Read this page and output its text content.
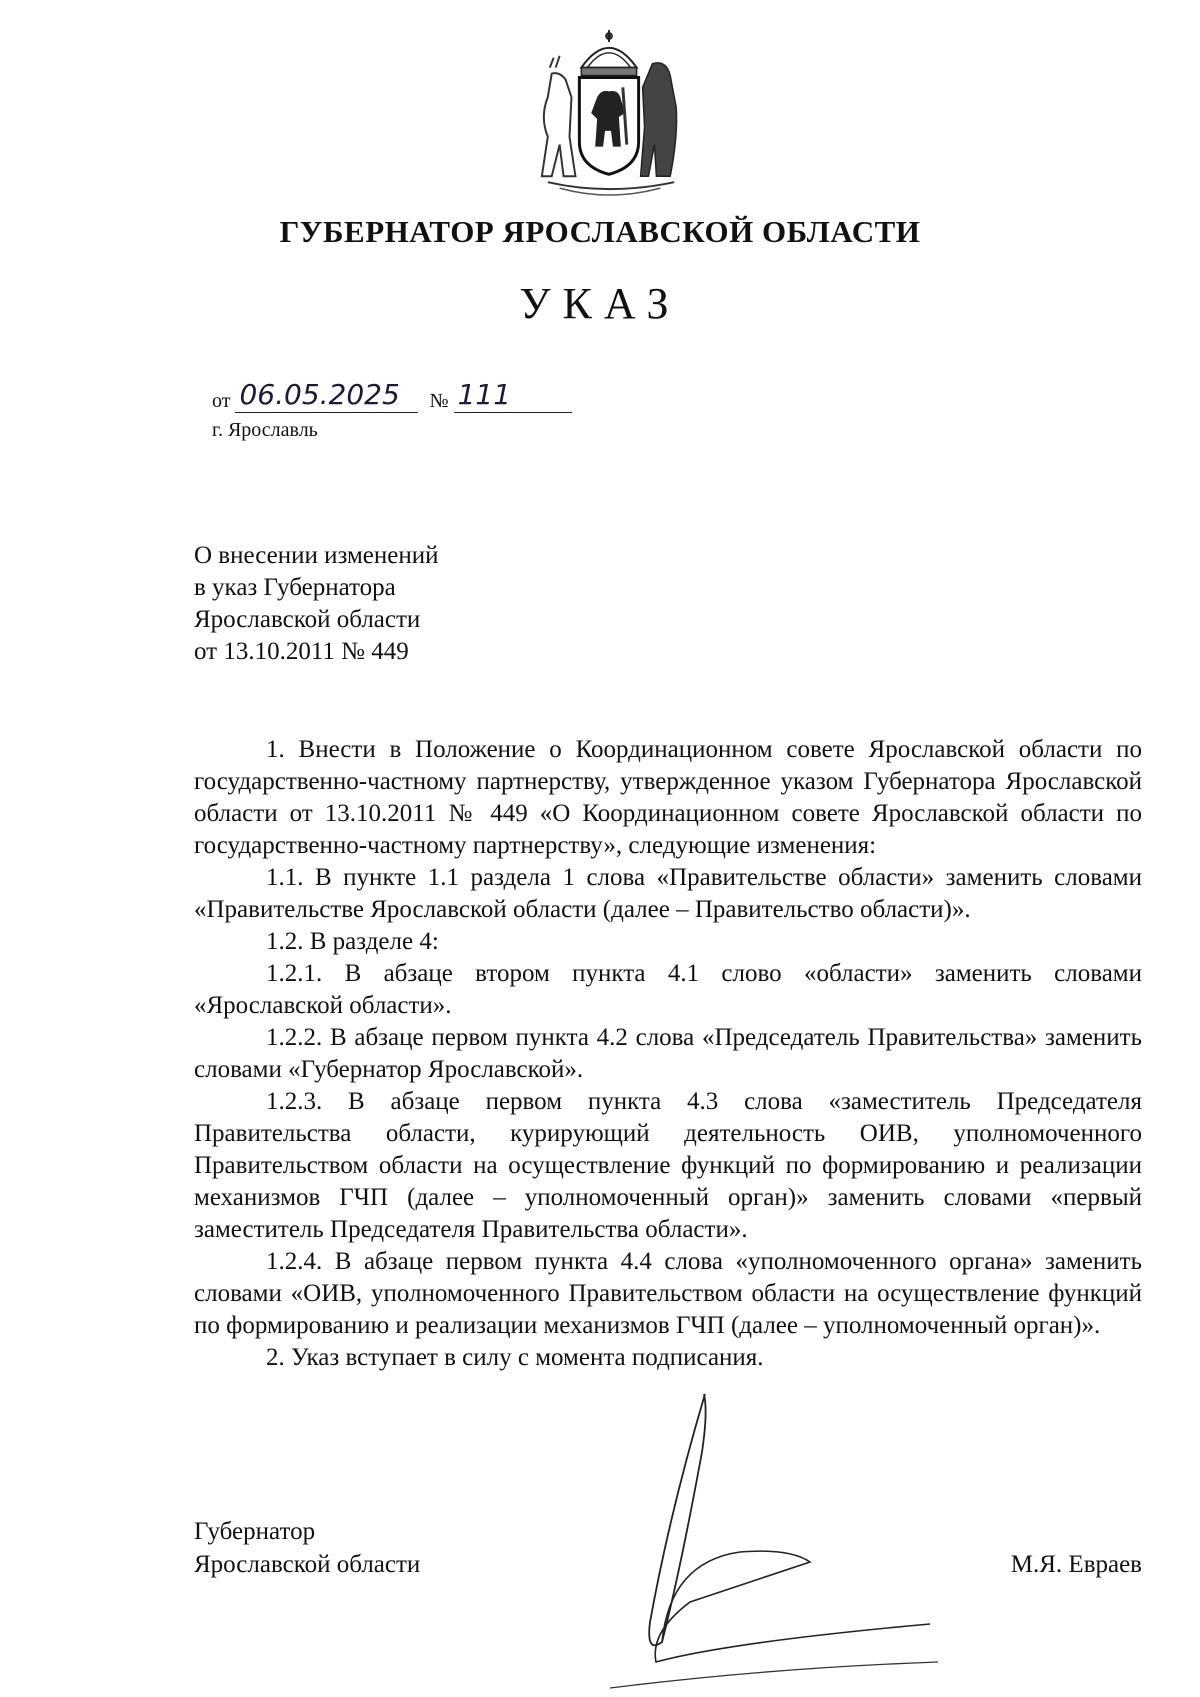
ГУБЕРНАТОР ЯРОСЛАВСКОЙ ОБЛАСТИ
УКАЗ
от 06.05.2025 № 111
г. Ярославль
О внесении изменений
в указ Губернатора
Ярославской области
от 13.10.2011 № 449

1. Внести в Положение о Координационном совете Ярославской области по государственно-частному партнерству, утвержденное указом Губернатора Ярославской области от 13.10.2011 № 449 «О Координационном совете Ярославской области по государственно-частному партнерству», следующие изменения:

1.1. В пункте 1.1 раздела 1 слова «Правительстве области» заменить словами «Правительстве Ярославской области (далее – Правительство области)».

1.2. В разделе 4:

1.2.1. В абзаце втором пункта 4.1 слово «области» заменить словами «Ярославской области».

1.2.2. В абзаце первом пункта 4.2 слова «Председатель Правительства» заменить словами «Губернатор Ярославской».

1.2.3. В абзаце первом пункта 4.3 слова «заместитель Председателя Правительства области, курирующий деятельность ОИВ, уполномоченного Правительством области на осуществление функций по формированию и реализации механизмов ГЧП (далее – уполномоченный орган)» заменить словами «первый заместитель Председателя Правительства области».

1.2.4. В абзаце первом пункта 4.4 слова «уполномоченного органа» заменить словами «ОИВ, уполномоченного Правительством области на осуществление функций по формированию и реализации механизмов ГЧП (далее – уполномоченный орган)».

2. Указ вступает в силу с момента подписания.

Губернатор
Ярославской области	М.Я. Евраев
